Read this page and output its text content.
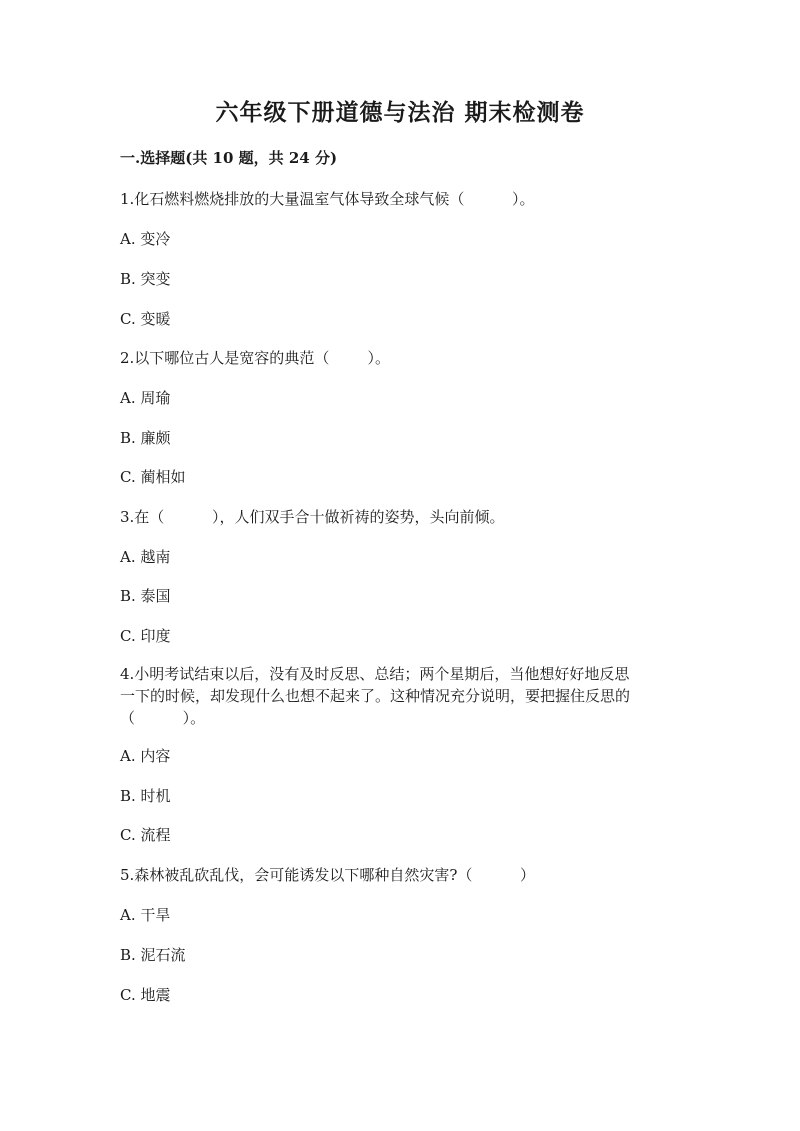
六年级下册道德与法治 期末检测卷
一.选择题(共 10 题，共 24 分)
1.化石燃料燃烧排放的大量温室气体导致全球气候（          ）。
A. 变冷
B. 突变
C. 变暖
2.以下哪位古人是宽容的典范（        ）。
A. 周瑜
B. 廉颇
C. 蔺相如
3.在（          ），人们双手合十做祈祷的姿势，头向前倾。
A. 越南
B. 泰国
C. 印度
4.小明考试结束以后，没有及时反思、总结；两个星期后，当他想好好地反思
一下的时候，却发现什么也想不起来了。这种情况充分说明，要把握住反思的
（          ）。
A. 内容
B. 时机
C. 流程
5.森林被乱砍乱伐，会可能诱发以下哪种自然灾害?（          ）
A. 干旱
B. 泥石流
C. 地震
